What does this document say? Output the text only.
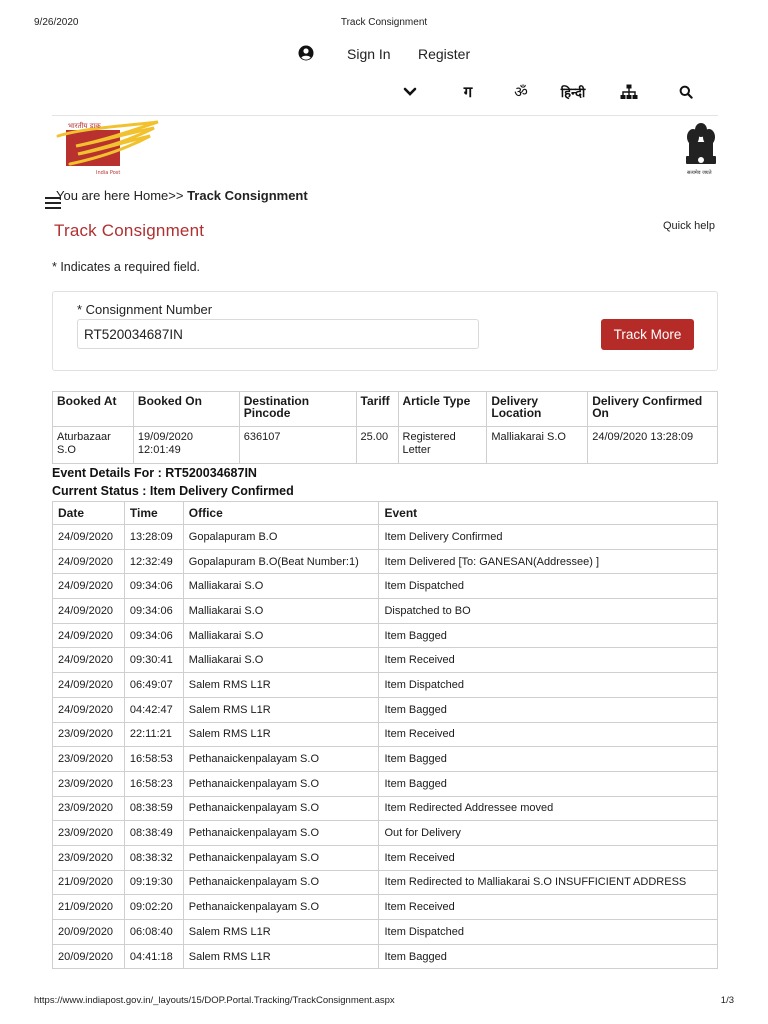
9/26/2020	Track Consignment
Sign In Register
ग	ॐ	हिन्दी
भारतीय डाक
India Post	सत्यमेव जयते
You are here Home>> Track Consignment
Track Consignment	Quick help
* Indicates a required field.
* Consignment Number
RT520034687IN
Track More
Booked At	Booked On	Destination Pincode	Tariff	Article Type	Delivery Location	Delivery Confirmed On
Aturbazaar S.O	19/09/2020 12:01:49	636107	25.00	Registered Letter	Malliakarai S.O	24/09/2020 13:28:09
Event Details For : RT520034687IN
Current Status : Item Delivery Confirmed
Date	Time	Office	Event
24/09/2020	13:28:09	Gopalapuram B.O	Item Delivery Confirmed
24/09/2020	12:32:49	Gopalapuram B.O(Beat Number:1)	Item Delivered [To: GANESAN(Addressee) ]
24/09/2020	09:34:06	Malliakarai S.O	Item Dispatched
24/09/2020	09:34:06	Malliakarai S.O	Dispatched to BO
24/09/2020	09:34:06	Malliakarai S.O	Item Bagged
24/09/2020	09:30:41	Malliakarai S.O	Item Received
24/09/2020	06:49:07	Salem RMS L1R	Item Dispatched
24/09/2020	04:42:47	Salem RMS L1R	Item Bagged
23/09/2020	22:11:21	Salem RMS L1R	Item Received
23/09/2020	16:58:53	Pethanaickenpalayam S.O	Item Bagged
23/09/2020	16:58:23	Pethanaickenpalayam S.O	Item Bagged
23/09/2020	08:38:59	Pethanaickenpalayam S.O	Item Redirected Addressee moved
23/09/2020	08:38:49	Pethanaickenpalayam S.O	Out for Delivery
23/09/2020	08:38:32	Pethanaickenpalayam S.O	Item Received
21/09/2020	09:19:30	Pethanaickenpalayam S.O	Item Redirected to Malliakarai S.O INSUFFICIENT ADDRESS
21/09/2020	09:02:20	Pethanaickenpalayam S.O	Item Received
20/09/2020	06:08:40	Salem RMS L1R	Item Dispatched
20/09/2020	04:41:18	Salem RMS L1R	Item Bagged
https://www.indiapost.gov.in/_layouts/15/DOP.Portal.Tracking/TrackConsignment.aspx	1/3
